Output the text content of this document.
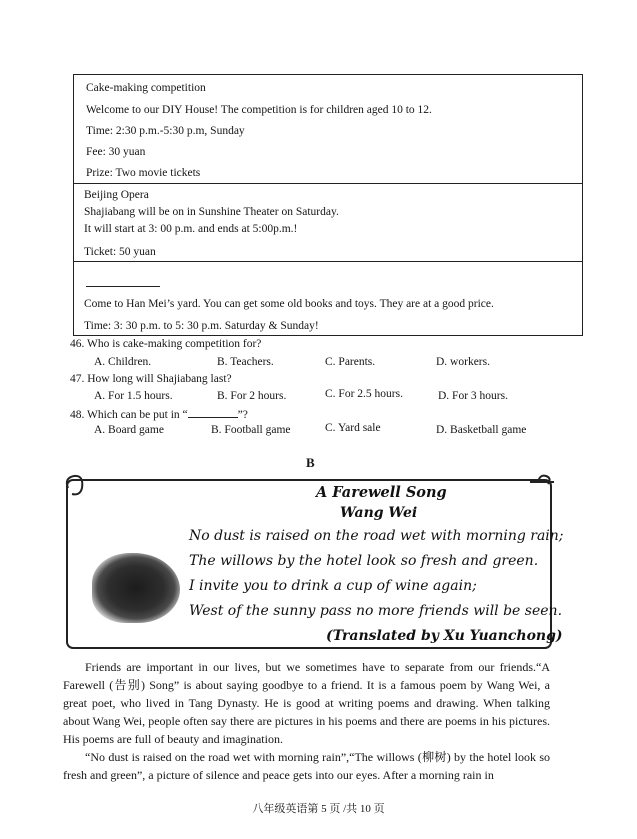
Cake-making competition
Welcome to our DIY House! The competition is for children aged 10 to 12.
Time: 2:30 p.m.-5:30 p.m, Sunday
Fee: 30 yuan
Prize: Two movie tickets
Beijing Opera
Shajiabang will be on in Sunshine Theater on Saturday.
It will start at 3: 00 p.m. and ends at 5:00p.m.!
Ticket: 50 yuan
Come to Han Mei’s yard. You can get some old books and toys. They are at a good price.
Time: 3: 30 p.m. to 5: 30 p.m. Saturday & Sunday!
46. Who is cake-making competition for?
A. Children.	B. Teachers.	C. Parents.	D. workers.
47. How long will Shajiabang last?
A. For 1.5 hours.	B. For 2 hours.	C. For 2.5 hours.	D. For 3 hours.
48. Which can be put in “	”?
A. Board game	B. Football game	C. Yard sale	D. Basketball game
B
A Farewell Song
Wang Wei
No dust is raised on the road wet with morning rain;
The willows by the hotel look so fresh and green.
I invite you to drink a cup of wine again;
West of the sunny pass no more friends will be seen.
(Translated by Xu Yuanchong)
Friends are important in our lives, but we sometimes have to separate from our friends.“A Farewell (告别) Song” is about saying goodbye to a friend. It is a famous poem by Wang Wei, a great poet, who lived in Tang Dynasty. He is good at writing poems and drawing. When talking about Wang Wei, people often say there are pictures in his poems and there are poems in his pictures. His poems are full of beauty and imagination.
“No dust is raised on the road wet with morning rain”,“The willows (柳树) by the hotel look so fresh and green”, a picture of silence and peace gets into our eyes. After a morning rain in
八年级英语第 5 页 /共 10 页
